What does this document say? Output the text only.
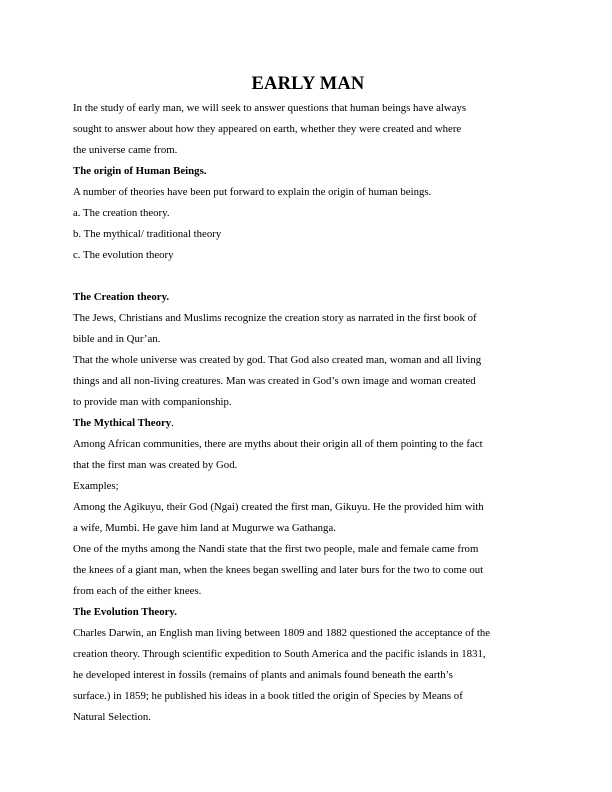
EARLY MAN

In the study of early man, we will seek to answer questions that human beings have always
sought to answer about how they appeared on earth, whether they were created and where
the universe came from.

The origin of Human Beings.

A number of theories have been put forward to explain the origin of human beings.

a. The creation theory.

b. The mythical/ traditional theory

c. The evolution theory

The Creation theory.

The Jews, Christians and Muslims recognize the creation story as narrated in the first book of
bible and in Qur’an.

That the whole universe was created by god. That God also created man, woman and all living
things and all non-living creatures. Man was created in God’s own image and woman created
to provide man with companionship.

The Mythical Theory.

Among African communities, there are myths about their origin all of them pointing to the fact
that the first man was created by God.

Examples;

Among the Agikuyu, their God (Ngai) created the first man, Gikuyu. He the provided him with
a wife, Mumbi. He gave him land at Mugurwe wa Gathanga.

One of the myths among the Nandi state that the first two people, male and female came from
the knees of a giant man, when the knees began swelling and later burs for the two to come out
from each of the either knees.

The Evolution Theory.

Charles Darwin, an English man living between 1809 and 1882 questioned the acceptance of the
creation theory. Through scientific expedition to South America and the pacific islands in 1831,
he developed interest in fossils (remains of plants and animals found beneath the earth’s
surface.) in 1859; he published his ideas in a book titled the origin of Species by Means of
Natural Selection.
